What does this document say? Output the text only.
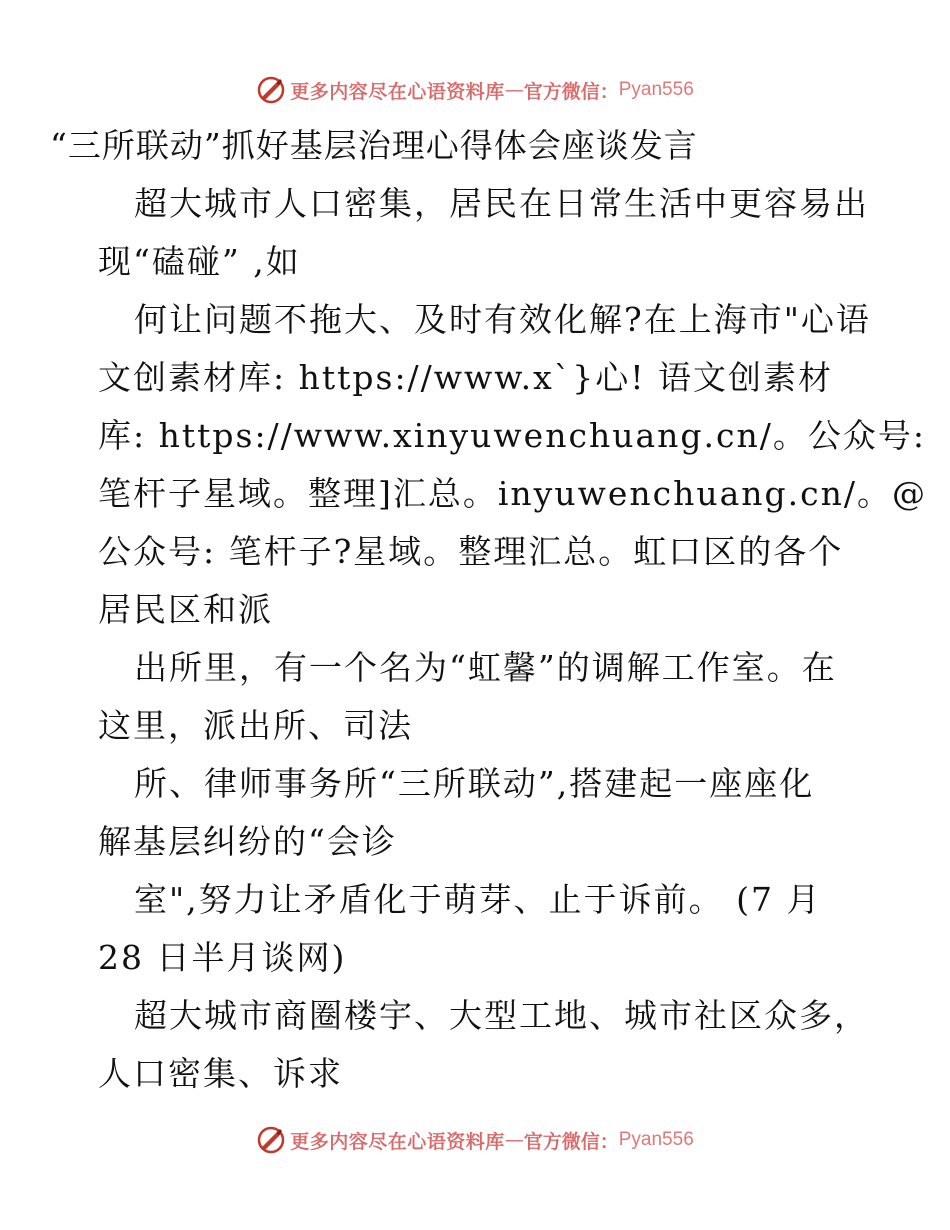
更多内容尽在心语资料库 — 官方微信： Pyan556
“三所联动”抓好基层治理心得体会座谈发言
超大城市人口密集，居民在日常生活中更容易出
现“磕碰” ,如
何让问题不拖大、及时有效化解?在上海市"心语
文创素材库: https://www.x`}心! 语文创素材
库: https://www.xinyuwenchuang.cn/。公众号:
笔杆子星域。整理]汇总。inyuwenchuang.cn/。@
公众号: 笔杆子?星域。整理汇总。虹口区的各个
居民区和派
出所里，有一个名为“虹馨”的调解工作室。在
这里，派出所、司法
所、律师事务所“三所联动”,搭建起一座座化
解基层纠纷的“会诊
室",努力让矛盾化于萌芽、止于诉前。 (7 月
28 日半月谈网)
超大城市商圈楼宇、大型工地、城市社区众多，
人口密集、诉求
更多内容尽在心语资料库 — 官方微信： Pyan556
